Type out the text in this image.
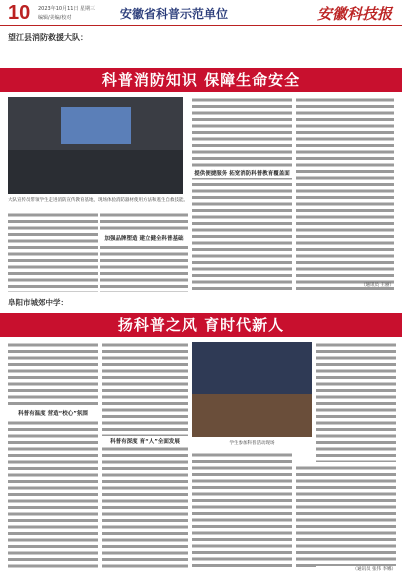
10 2023年10月11日 星期三
编辑/美编/校对	安徽省科普示范单位	安徽科技报
望江县消防救援大队：
科普消防知识 保障生命安全
大队宣传员带领学生走进消防宣传教育基地，现场体验消防器材使用方法和逃生自救技能。
加强品牌塑造 建立健全科普基础
提供便捷服务 拓宽消防科普教育覆盖面
（通讯员 王丽）
阜阳市城郊中学：
扬科普之风 育时代新人
科普有温度 营造“校心”氛围
科普有深度 育“人”全面发展	学生参加科普活动现场
（通讯员 张伟 李娜）
